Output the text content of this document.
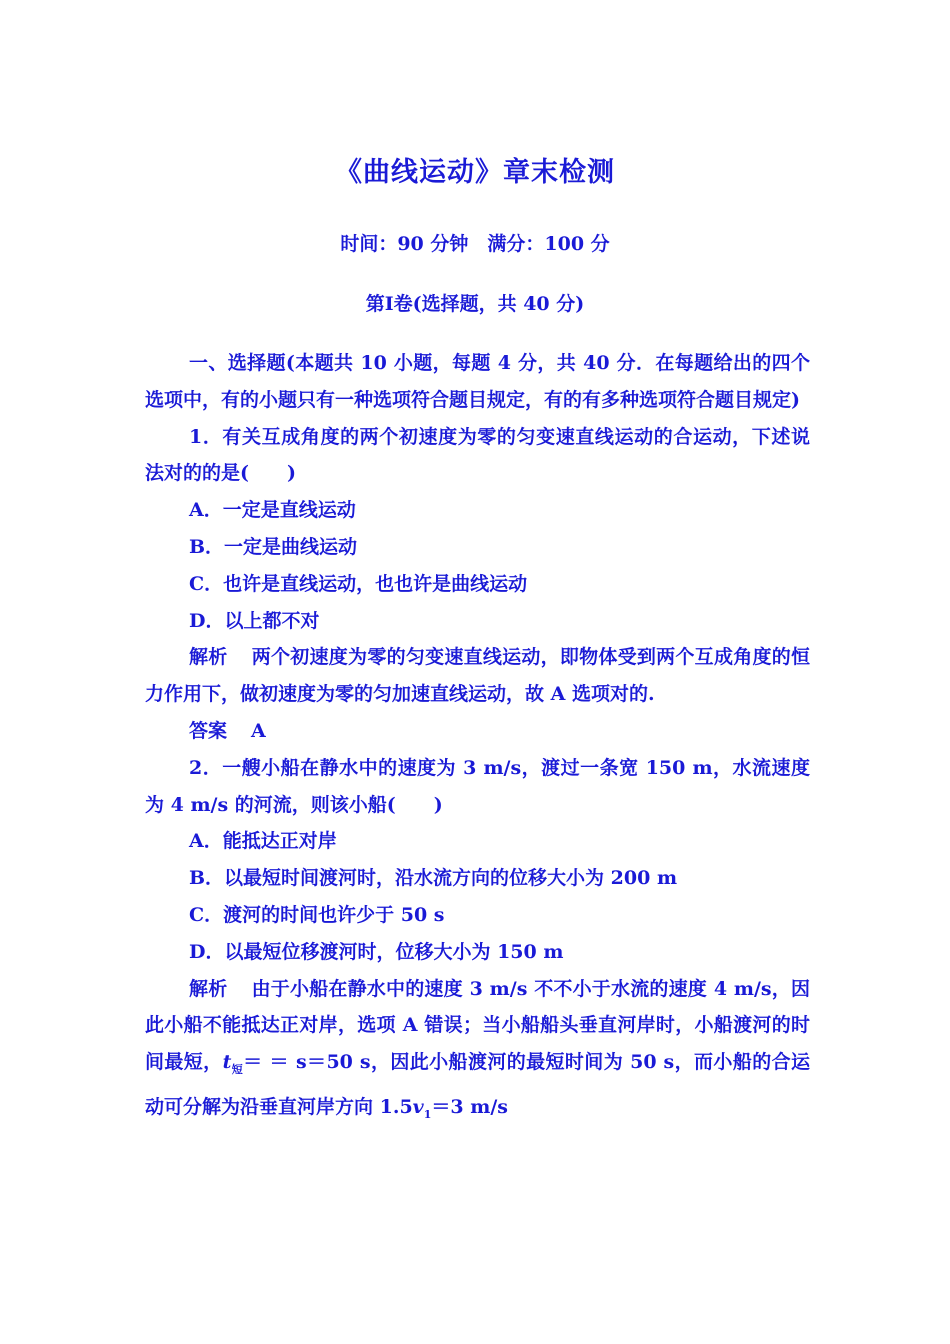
《曲线运动》章末检测
时间：90 分钟　满分：100 分
第Ⅰ卷(选择题，共 40 分)

一、选择题(本题共 10 小题，每题 4 分，共 40 分．在每题给出的四个选项中，有的小题只有一种选项符合题目规定，有的有多种选项符合题目规定)

1．有关互成角度的两个初速度为零的匀变速直线运动的合运动，下述说法对的的是(　　)

A．一定是直线运动

B．一定是曲线运动

C．也许是直线运动，也也许是曲线运动

D．以上都不对

解析 两个初速度为零的匀变速直线运动，即物体受到两个互成角度的恒力作用下，做初速度为零的匀加速直线运动，故 A 选项对的.

答案 A

2．一艘小船在静水中的速度为 3 m/s，渡过一条宽 150 m，水流速度为 4 m/s 的河流，则该小船(　　)

A．能抵达正对岸

B．以最短时间渡河时，沿水流方向的位移大小为 200 m

C．渡河的时间也许少于 50 s

D．以最短位移渡河时，位移大小为 150 m

解析 由于小船在静水中的速度 3 m/s 不不小于水流的速度 4 m/s，因此小船不能抵达正对岸，选项 A 错误；当小船船头垂直河岸时，小船渡河的时间最短，$t_短= = s=50$ s，因此小船渡河的最短时间为 50 s，而小船的合运动可分解为沿垂直河岸方向 $1.5v_1=3$ m/s
